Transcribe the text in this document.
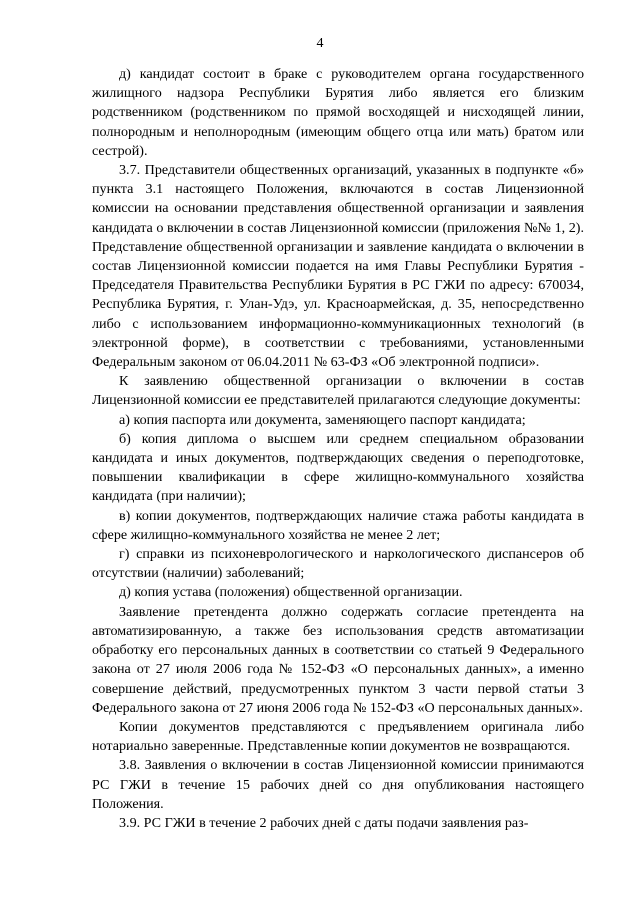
4

д) кандидат состоит в браке с руководителем органа государственного жилищного надзора Республики Бурятия либо является его близким родственником (родственником по прямой восходящей и нисходящей линии, полнородным и неполнородным (имеющим общего отца или мать) братом или сестрой).

3.7. Представители общественных организаций, указанных в подпункте «б» пункта 3.1 настоящего Положения, включаются в состав Лицензионной комиссии на основании представления общественной организации и заявления кандидата о включении в состав Лицензионной комиссии (приложения №№ 1, 2). Представление общественной организации и заявление кандидата о включении в состав Лицензионной комиссии подается на имя Главы Республики Бурятия - Председателя Правительства Республики Бурятия в РС ГЖИ по адресу: 670034, Республика Бурятия, г. Улан-Удэ, ул. Красноармейская, д. 35, непосредственно либо с использованием информационно-коммуникационных технологий (в электронной форме), в соответствии с требованиями, установленными Федеральным законом от 06.04.2011 № 63-ФЗ «Об электронной подписи».

К заявлению общественной организации о включении в состав Лицензионной комиссии ее представителей прилагаются следующие документы:

а) копия паспорта или документа, заменяющего паспорт кандидата;

б) копия диплома о высшем или среднем специальном образовании кандидата и иных документов, подтверждающих сведения о переподготовке, повышении квалификации в сфере жилищно-коммунального хозяйства кандидата (при наличии);

в) копии документов, подтверждающих наличие стажа работы кандидата в сфере жилищно-коммунального хозяйства не менее 2 лет;

г) справки из психоневрологического и наркологического диспансеров об отсутствии (наличии) заболеваний;

д) копия устава (положения) общественной организации.

Заявление претендента должно содержать согласие претендента на автоматизированную, а также без использования средств автоматизации обработку его персональных данных в соответствии со статьей 9 Федерального закона от 27 июля 2006 года № 152-ФЗ «О персональных данных», а именно совершение действий, предусмотренных пунктом 3 части первой статьи 3 Федерального закона от 27 июня 2006 года № 152-ФЗ «О персональных данных».

Копии документов представляются с предъявлением оригинала либо нотариально заверенные. Представленные копии документов не возвращаются.

3.8. Заявления о включении в состав Лицензионной комиссии принимаются РС ГЖИ в течение 15 рабочих дней со дня опубликования настоящего Положения.

3.9. РС ГЖИ в течение 2 рабочих дней с даты подачи заявления раз-
